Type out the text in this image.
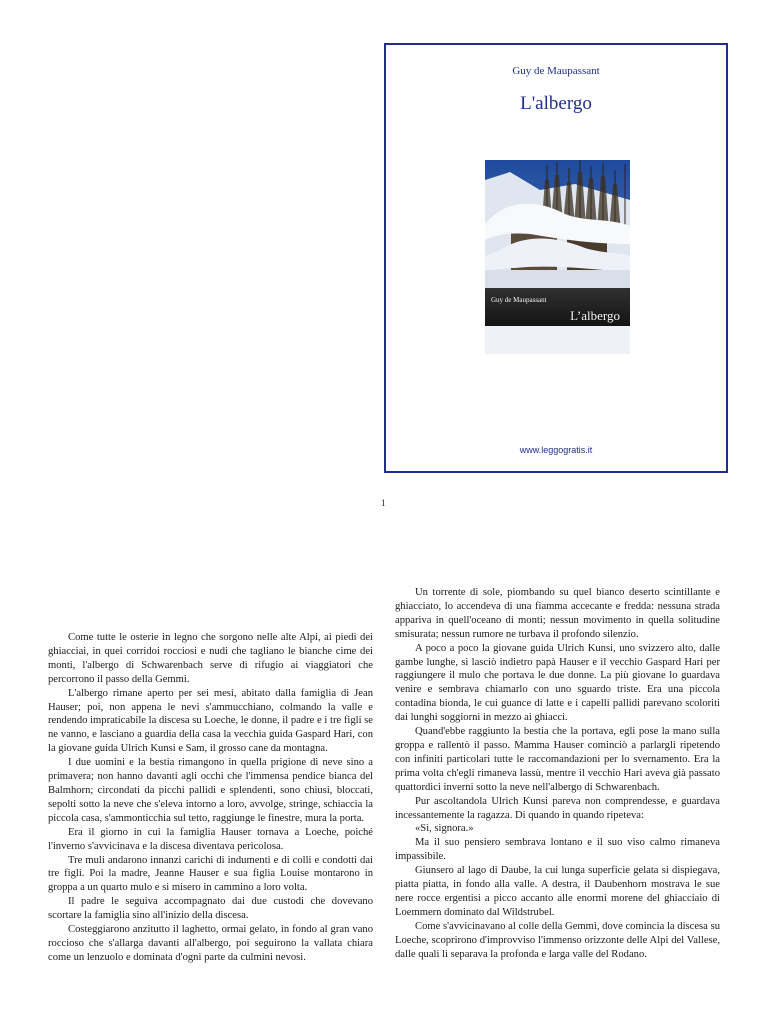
Guy de Maupassant
L'albergo
Guy de Maupassant
L’albergo
www.leggogratis.it
1

Come tutte le osterie in legno che sorgono nelle alte Alpi, ai piedi dei ghiacciai, in quei corridoi rocciosi e nudi che tagliano le bianche cime dei monti, l'albergo di Schwarenbach serve di rifugio ai viaggiatori che percorrono il passo della Gemmi.

L'albergo rimane aperto per sei mesi, abitato dalla famiglia di Jean Hauser; poi, non appena le nevi s'ammucchiano, colmando la valle e rendendo impraticabile la discesa su Loeche, le donne, il padre e i tre figli se ne vanno, e lasciano a guardia della casa la vecchia guida Gaspard Hari, con la giovane guida Ulrich Kunsi e Sam, il grosso cane da montagna.

I due uomini e la bestia rimangono in quella prigione di neve sino a primavera; non hanno davanti agli occhi che l'immensa pendice bianca del Balmhorn; circondati da picchi pallidi e splendenti, sono chiusi, bloccati, sepolti sotto la neve che s'eleva intorno a loro, avvolge, stringe, schiaccia la piccola casa, s'ammonticchia sul tetto, raggiunge le finestre, mura la porta.

Era il giorno in cui la famiglia Hauser tornava a Loeche, poiché l'inverno s'avvicinava e la discesa diventava pericolosa.

Tre muli andarono innanzi carichi di indumenti e di colli e condotti dai tre figli. Poi la madre, Jeanne Hauser e sua figlia Louise montarono in groppa a un quarto mulo e si misero in cammino a loro volta.

Il padre le seguiva accompagnato dai due custodi che dovevano scortare la famiglia sino all'inizio della discesa.

Costeggiarono anzitutto il laghetto, ormai gelato, in fondo al gran vano roccioso che s'allarga davanti all'albergo, poi seguirono la vallata chiara come un lenzuolo e dominata d'ogni parte da culmini nevosi.

Un torrente di sole, piombando su quel bianco deserto scintillante e ghiacciato, lo accendeva di una fiamma accecante e fredda: nessuna strada appariva in quell'oceano di monti; nessun movimento in quella solitudine smisurata; nessun rumore ne turbava il profondo silenzio.

A poco a poco la giovane guida Ulrich Kunsi, uno svizzero alto, dalle gambe lunghe, si lasciò indietro papà Hauser e il vecchio Gaspard Hari per raggiungere il mulo che portava le due donne. La più giovane lo guardava venire e sembrava chiamarlo con uno sguardo triste. Era una piccola contadina bionda, le cui guance di latte e i capelli pallidi parevano scoloriti dai lunghi soggiorni in mezzo ai ghiacci.

Quand'ebbe raggiunto la bestia che la portava, egli pose la mano sulla groppa e rallentò il passo. Mamma Hauser cominciò a parlargli ripetendo con infiniti particolari tutte le raccomandazioni per lo svernamento. Era la prima volta ch'egli rimaneva lassù, mentre il vecchio Hari aveva già passato quattordici inverni sotto la neve nell'albergo di Schwarenbach.

Pur ascoltandola Ulrich Kunsi pareva non comprendesse, e guardava incessantemente la ragazza. Di quando in quando ripeteva:

«Sì, signora.»

Ma il suo pensiero sembrava lontano e il suo viso calmo rimaneva impassibile.

Giunsero al lago di Daube, la cui lunga superficie gelata si dispiegava, piatta piatta, in fondo alla valle. A destra, il Daubenhorn mostrava le sue nere rocce ergentisi a picco accanto alle enormi morene del ghiacciaio di Loemmern dominato dal Wildstrubel.

Come s'avvicinavano al colle della Gemmi, dove comincia la discesa su Loeche, scoprirono d'improvviso l'immenso orizzonte delle Alpi del Vallese, dalle quali li separava la profonda e larga valle del Rodano.
